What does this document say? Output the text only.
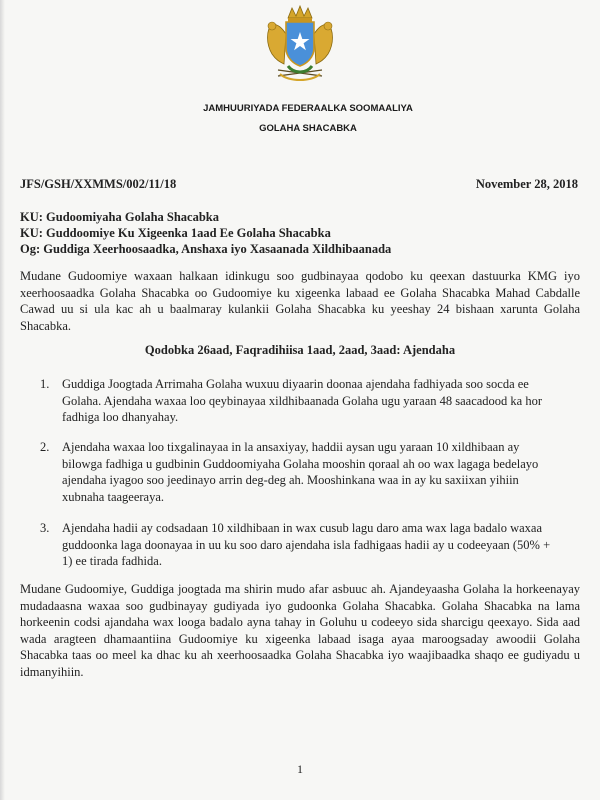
JAMHUURIYADA FEDERAALKA SOOMAALIYA
GOLAHA SHACABKA
JFS/GSH/XXMMS/002/11/18	November 28, 2018
KU: Gudoomiyaha Golaha Shacabka
KU: Guddoomiye Ku Xigeenka 1aad Ee Golaha Shacabka
Og: Guddiga Xeerhoosaadka, Anshaxa iyo Xasaanada Xildhibaanada
Mudane Gudoomiye waxaan halkaan idinkugu soo gudbinayaa qodobo ku qeexan dastuurka KMG iyo xeerhoosaadka Golaha Shacabka oo Gudoomiye ku xigeenka labaad ee Golaha Shacabka Mahad Cabdalle Cawad uu si ula kac ah u baalmaray kulankii Golaha Shacabka ku yeeshay 24 bishaan xarunta Golaha Shacabka.
Qodobka 26aad, Faqradihiisa 1aad, 2aad, 3aad: Ajendaha
1. Guddiga Joogtada Arrimaha Golaha wuxuu diyaarin doonaa ajendaha fadhiyada soo socda ee Golaha. Ajendaha waxaa loo qeybinayaa xildhibaanada Golaha ugu yaraan 48 saacadood ka hor fadhiga loo dhanyahay.
2. Ajendaha waxaa loo tixgalinayaa in la ansaxiyay, haddii aysan ugu yaraan 10 xildhibaan ay bilowga fadhiga u gudbinin Guddoomiyaha Golaha mooshin qoraal ah oo wax lagaga bedelayo ajendaha iyagoo soo jeedinayo arrin deg-deg ah. Mooshinkana waa in ay ku saxiixan yihiin xubnaha taageeraya.
3. Ajendaha hadii ay codsadaan 10 xildhibaan in wax cusub lagu daro ama wax laga badalo waxaa guddoonka laga doonayaa in uu ku soo daro ajendaha isla fadhigaas hadii ay u codeeyaan (50% + 1) ee tirada fadhida.
Mudane Gudoomiye, Guddiga joogtada ma shirin mudo afar asbuuc ah. Ajandeyaasha Golaha la horkeenayay mudadaasna waxaa soo gudbinayay gudiyada iyo gudoonka Golaha Shacabka. Golaha Shacabka na lama horkeenin codsi ajandaha wax looga badalo ayna tahay in Goluhu u codeeyo sida sharcigu qeexayo. Sida aad wada aragteen dhamaantiina Gudoomiye ku xigeenka labaad isaga ayaa maroogsaday awoodii Golaha Shacabka taas oo meel ka dhac ku ah xeerhoosaadka Golaha Shacabka iyo waajibaadka shaqo ee gudiyadu u idmanyihiin.
1
